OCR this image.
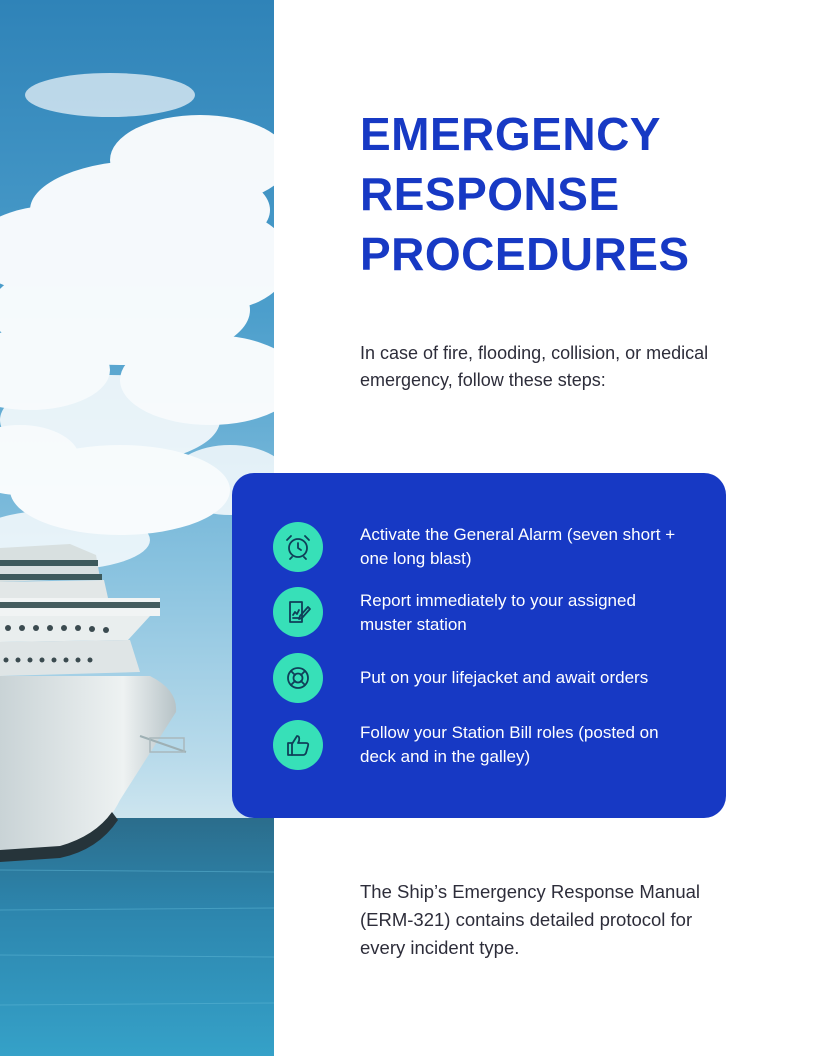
EMERGENCY
RESPONSE
PROCEDURES

In case of fire, flooding, collision, or medical emergency, follow these steps:

Activate the General Alarm (seven short + one long blast)
Report immediately to your assigned muster station
Put on your lifejacket and await orders
Follow your Station Bill roles (posted on deck and in the galley)

The Ship’s Emergency Response Manual (ERM-321) contains detailed protocol for every incident type.
